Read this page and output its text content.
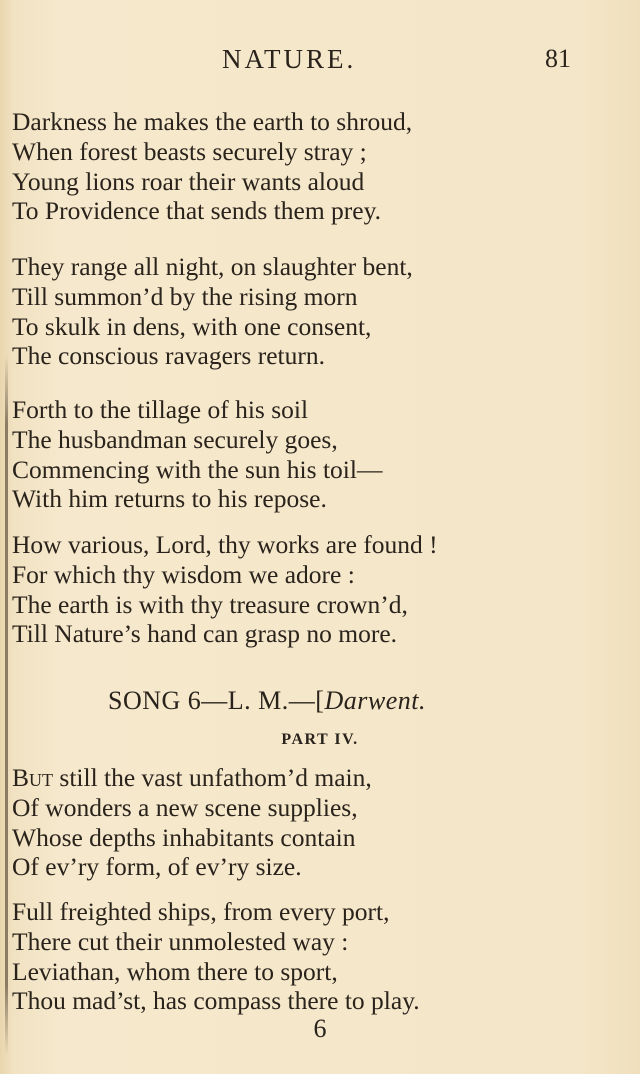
NATURE.	81
Darkness he makes the earth to shroud,
When forest beasts securely stray ;
Young lions roar their wants aloud
To Providence that sends them prey.
They range all night, on slaughter bent,
Till summon’d by the rising morn
To skulk in dens, with one consent,
The conscious ravagers return.
Forth to the tillage of his soil
The husbandman securely goes,
Commencing with the sun his toil—
With him returns to his repose.
How various, Lord, thy works are found !
For which thy wisdom we adore :
The earth is with thy treasure crown’d,
Till Nature’s hand can grasp no more.
SONG 6—L. M.—[Darwent.
PART IV.
But still the vast unfathom’d main,
Of wonders a new scene supplies,
Whose depths inhabitants contain
Of ev’ry form, of ev’ry size.
Full freighted ships, from every port,
There cut their unmolested way :
Leviathan, whom there to sport,
Thou mad’st, has compass there to play.
6
